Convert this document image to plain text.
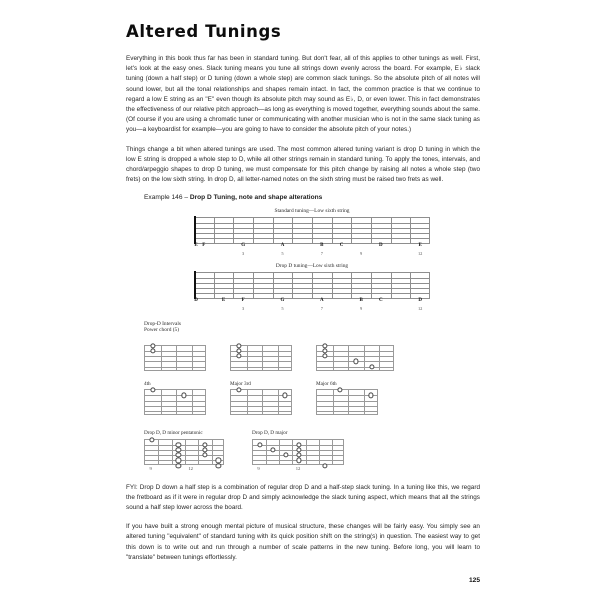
Altered Tunings

Everything in this book thus far has been in standard tuning. But don't fear, all of this applies to other tunings as well. First, let's look at the easy ones. Slack tuning means you tune all strings down evenly across the board. For example, E♭ slack tuning (down a half step) or D tuning (down a whole step) are common slack tunings. So the absolute pitch of all notes will sound lower, but all the tonal relationships and shapes remain intact. In fact, the common practice is that we continue to regard a low E string as an "E" even though its absolute pitch may sound as E♭, D, or even lower. This in fact demonstrates the effectiveness of our relative pitch approach—as long as everything is moved together, everything sounds about the same. (Of course if you are using a chromatic tuner or communicating with another musician who is not in the same slack tuning as you—a keyboardist for example—you are going to have to consider the absolute pitch of your notes.)

Things change a bit when altered tunings are used. The most common altered tuning variant is drop D tuning in which the low E string is dropped a whole step to D, while all other strings remain in standard tuning. To apply the tones, intervals, and chord/arpeggio shapes to drop D tuning, we must compensate for this pitch change by raising all notes a whole step (two frets) on the low sixth string. In drop D, all letter-named notes on the sixth string must be raised two frets as well.

Example 146 – Drop D Tuning, note and shape alterations

Standard tuning—Low sixth string
E F	G	A	B	C	D	E
3	5	7	9	12
Drop D tuning—Low sixth string
D	E	F	G	A	B	C	D
3	5	7	9	12
Drop-D Intervals
Power chord (5)
4th	Major 3rd	Major 6th
Drop D, D minor pentatonic
9	12
Drop D, D major
9	12

FYI: Drop D down a half step is a combination of regular drop D and a half-step slack tuning. In a tuning like this, we regard the fretboard as if it were in regular drop D and simply acknowledge the slack tuning aspect, which means that all the strings sound a half step lower across the board.

If you have built a strong enough mental picture of musical structure, these changes will be fairly easy. You simply see an altered tuning "equivalent" of standard tuning with its quick position shift on the string(s) in question. The easiest way to get this down is to write out and run through a number of scale patterns in the new tuning. Before long, you will learn to "translate" between tunings effortlessly.

125
